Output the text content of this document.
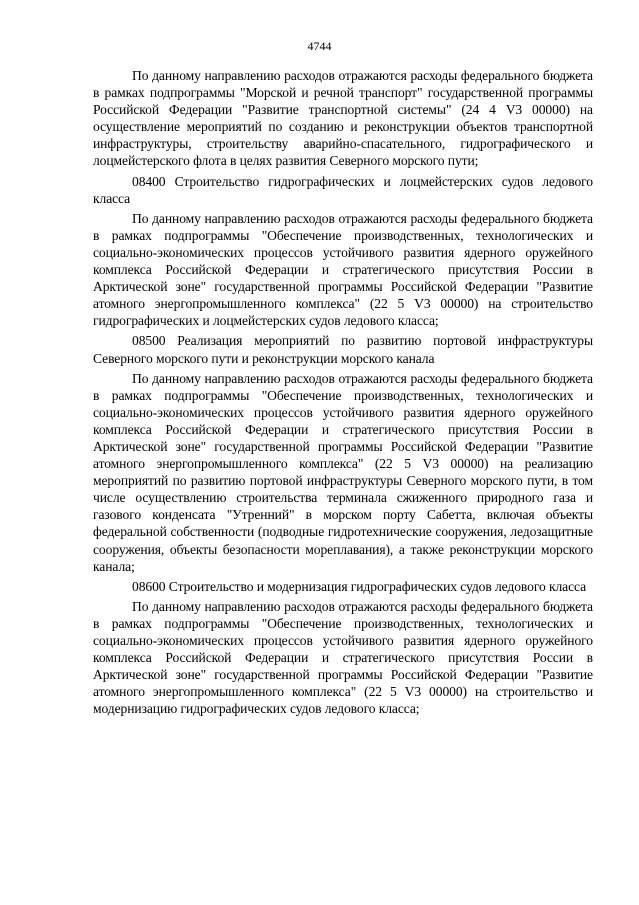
4744

По данному направлению расходов отражаются расходы федерального бюджета в рамках подпрограммы "Морской и речной транспорт" государственной программы Российской Федерации "Развитие транспортной системы" (24 4 V3 00000) на осуществление мероприятий по созданию и реконструкции объектов транспортной инфраструктуры, строительству аварийно-спасательного, гидрографического и лоцмейстерского флота в целях развития Северного морского пути;

08400 Строительство гидрографических и лоцмейстерских судов ледового класса

По данному направлению расходов отражаются расходы федерального бюджета в рамках подпрограммы "Обеспечение производственных, технологических и социально-экономических процессов устойчивого развития ядерного оружейного комплекса Российской Федерации и стратегического присутствия России в Арктической зоне" государственной программы Российской Федерации "Развитие атомного энергопромышленного комплекса" (22 5 V3 00000) на строительство гидрографических и лоцмейстерских судов ледового класса;

08500 Реализация мероприятий по развитию портовой инфраструктуры Северного морского пути и реконструкции морского канала

По данному направлению расходов отражаются расходы федерального бюджета в рамках подпрограммы "Обеспечение производственных, технологических и социально-экономических процессов устойчивого развития ядерного оружейного комплекса Российской Федерации и стратегического присутствия России в Арктической зоне" государственной программы Российской Федерации "Развитие атомного энергопромышленного комплекса" (22 5 V3 00000) на реализацию мероприятий по развитию портовой инфраструктуры Северного морского пути, в том числе осуществлению строительства терминала сжиженного природного газа и газового конденсата "Утренний" в морском порту Сабетта, включая объекты федеральной собственности (подводные гидротехнические сооружения, ледозащитные сооружения, объекты безопасности мореплавания), а также реконструкции морского канала;

08600 Строительство и модернизация гидрографических судов ледового класса

По данному направлению расходов отражаются расходы федерального бюджета в рамках подпрограммы "Обеспечение производственных, технологических и социально-экономических процессов устойчивого развития ядерного оружейного комплекса Российской Федерации и стратегического присутствия России в Арктической зоне" государственной программы Российской Федерации "Развитие атомного энергопромышленного комплекса" (22 5 V3 00000) на строительство и модернизацию гидрографических судов ледового класса;
